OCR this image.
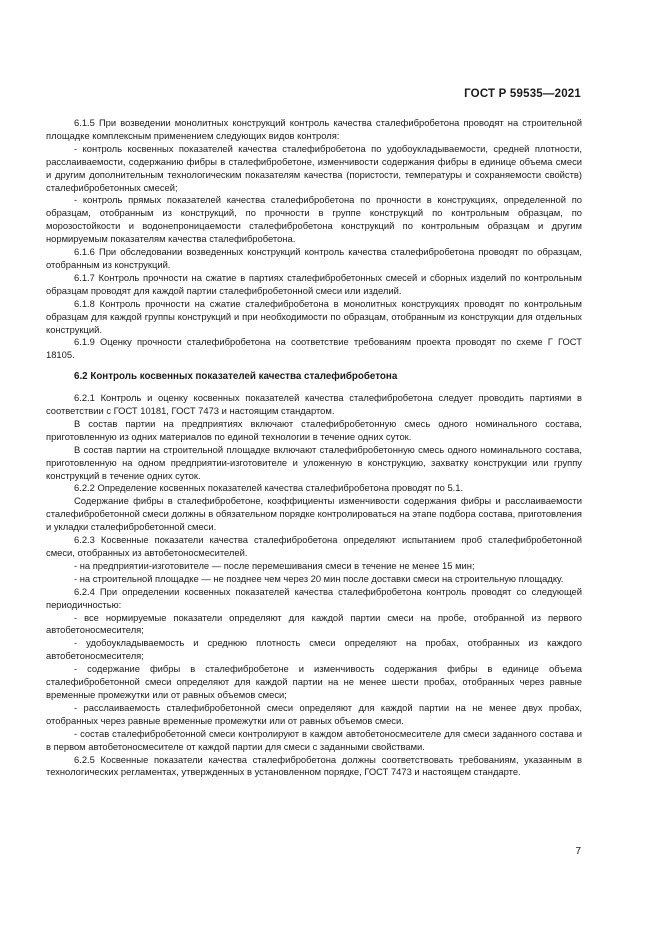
ГОСТ Р 59535—2021

6.1.5 При возведении монолитных конструкций контроль качества сталефибробетона проводят на строительной площадке комплексным применением следующих видов контроля:

- контроль косвенных показателей качества сталефибробетона по удобоукладываемости, средней плотности, расслаиваемости, содержанию фибры в сталефибробетоне, изменчивости содержания фибры в единице объема смеси и другим дополнительным технологическим показателям качества (пористости, температуры и сохраняемости свойств) сталефибробетонных смесей;

- контроль прямых показателей качества сталефибробетона по прочности в конструкциях, определенной по образцам, отобранным из конструкций, по прочности в группе конструкций по контрольным образцам, по морозостойкости и водонепроницаемости сталефибробетона конструкций по контрольным образцам и другим нормируемым показателям качества сталефибробетона.

6.1.6 При обследовании возведенных конструкций контроль качества сталефибробетона проводят по образцам, отобранным из конструкций.

6.1.7 Контроль прочности на сжатие в партиях сталефибробетонных смесей и сборных изделий по контрольным образцам проводят для каждой партии сталефибробетонной смеси или изделий.

6.1.8 Контроль прочности на сжатие сталефибробетона в монолитных конструкциях проводят по контрольным образцам для каждой группы конструкций и при необходимости по образцам, отобранным из конструкции для отдельных конструкций.

6.1.9 Оценку прочности сталефибробетона на соответствие требованиям проекта проводят по схеме Г ГОСТ 18105.

6.2 Контроль косвенных показателей качества сталефибробетона

6.2.1 Контроль и оценку косвенных показателей качества сталефибробетона следует проводить партиями в соответствии с ГОСТ 10181, ГОСТ 7473 и настоящим стандартом.

В состав партии на предприятиях включают сталефибробетонную смесь одного номинального состава, приготовленную из одних материалов по единой технологии в течение одних суток.

В состав партии на строительной площадке включают сталефибробетонную смесь одного номинального состава, приготовленную на одном предприятии-изготовителе и уложенную в конструкцию, захватку конструкции или группу конструкций в течение одних суток.

6.2.2 Определение косвенных показателей качества сталефибробетона проводят по 5.1.

Содержание фибры в сталефибробетоне, коэффициенты изменчивости содержания фибры и расслаиваемости сталефибробетонной смеси должны в обязательном порядке контролироваться на этапе подбора состава, приготовления и укладки сталефибробетонной смеси.

6.2.3 Косвенные показатели качества сталефибробетона определяют испытанием проб сталефибробетонной смеси, отобранных из автобетоносмесителей.

- на предприятии-изготовителе — после перемешивания смеси в течение не менее 15 мин;

- на строительной площадке — не позднее чем через 20 мин после доставки смеси на строительную площадку.

6.2.4 При определении косвенных показателей качества сталефибробетона контроль проводят со следующей периодичностью:

- все нормируемые показатели определяют для каждой партии смеси на пробе, отобранной из первого автобетоносмесителя;

- удобоукладываемость и среднюю плотность смеси определяют на пробах, отобранных из каждого автобетоносмесителя;

- содержание фибры в сталефибробетоне и изменчивость содержания фибры в единице объема сталефибробетонной смеси определяют для каждой партии на не менее шести пробах, отобранных через равные временные промежутки или от равных объемов смеси;

- расслаиваемость сталефибробетонной смеси определяют для каждой партии на не менее двух пробах, отобранных через равные временные промежутки или от равных объемов смеси.

- состав сталефибробетонной смеси контролируют в каждом автобетоносмесителе для смеси заданного состава и в первом автобетоносмесителе от каждой партии для смеси с заданными свойствами.

6.2.5 Косвенные показатели качества сталефибробетона должны соответствовать требованиям, указанным в технологических регламентах, утвержденных в установленном порядке, ГОСТ 7473 и настоящем стандарте.

7
